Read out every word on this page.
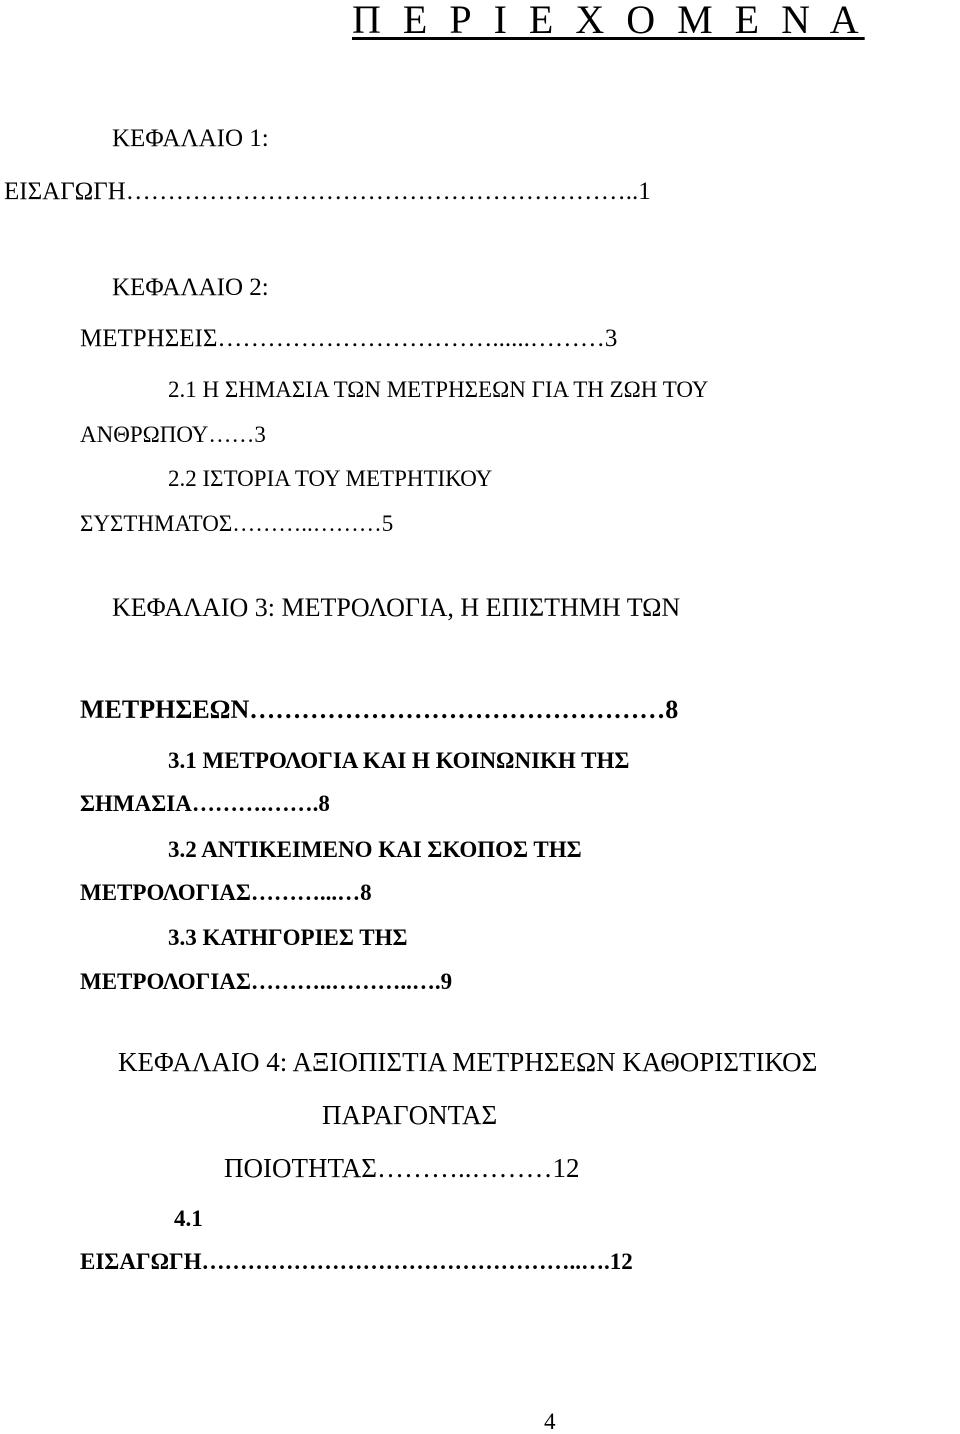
Π Ε Ρ Ι Ε Χ Ο Μ Ε Ν Α
ΚΕΦΑΛΑΙΟ 1:
ΕΙΣΑΓΩΓΗ……………………………………………………..1
ΚΕΦΑΛΑΙΟ 2:
ΜΕΤΡΗΣΕΙΣ……………………………......………3
2.1 Η ΣΗΜΑΣΙΑ ΤΩΝ ΜΕΤΡΗΣΕΩΝ ΓΙΑ ΤΗ ΖΩΗ ΤΟΥ
ΑΝΘΡΩΠΟΥ……3
2.2 ΙΣΤΟΡΙΑ ΤΟΥ ΜΕΤΡΗΤΙΚΟΥ
ΣΥΣΤΗΜΑΤΟΣ………..………5
ΚΕΦΑΛΑΙΟ 3: ΜΕΤΡΟΛΟΓΙΑ, Η ΕΠΙΣΤΗΜΗ ΤΩΝ
ΜΕΤΡΗΣΕΩΝ…………………………………………8
3.1 ΜΕΤΡΟΛΟΓΙΑ ΚΑΙ Η ΚΟΙΝΩΝΙΚΗ ΤΗΣ
ΣΗΜΑΣΙΑ……….…….8
3.2 ΑΝΤΙΚΕΙΜΕΝΟ ΚΑΙ ΣΚΟΠΟΣ ΤΗΣ
ΜΕΤΡΟΛΟΓΙΑΣ………...…8
3.3 ΚΑΤΗΓΟΡΙΕΣ ΤΗΣ
ΜΕΤΡΟΛΟΓΙΑΣ………..………..….9
ΚΕΦΑΛΑΙΟ 4: ΑΞΙΟΠΙΣΤΙΑ ΜΕΤΡΗΣΕΩΝ ΚΑΘΟΡΙΣΤΙΚΟΣ
ΠΑΡΑΓΟΝΤΑΣ
ΠΟΙΟΤΗΤΑΣ………..………12
4.1
ΕΙΣΑΓΩΓΗ…………………………………………..….12
4
